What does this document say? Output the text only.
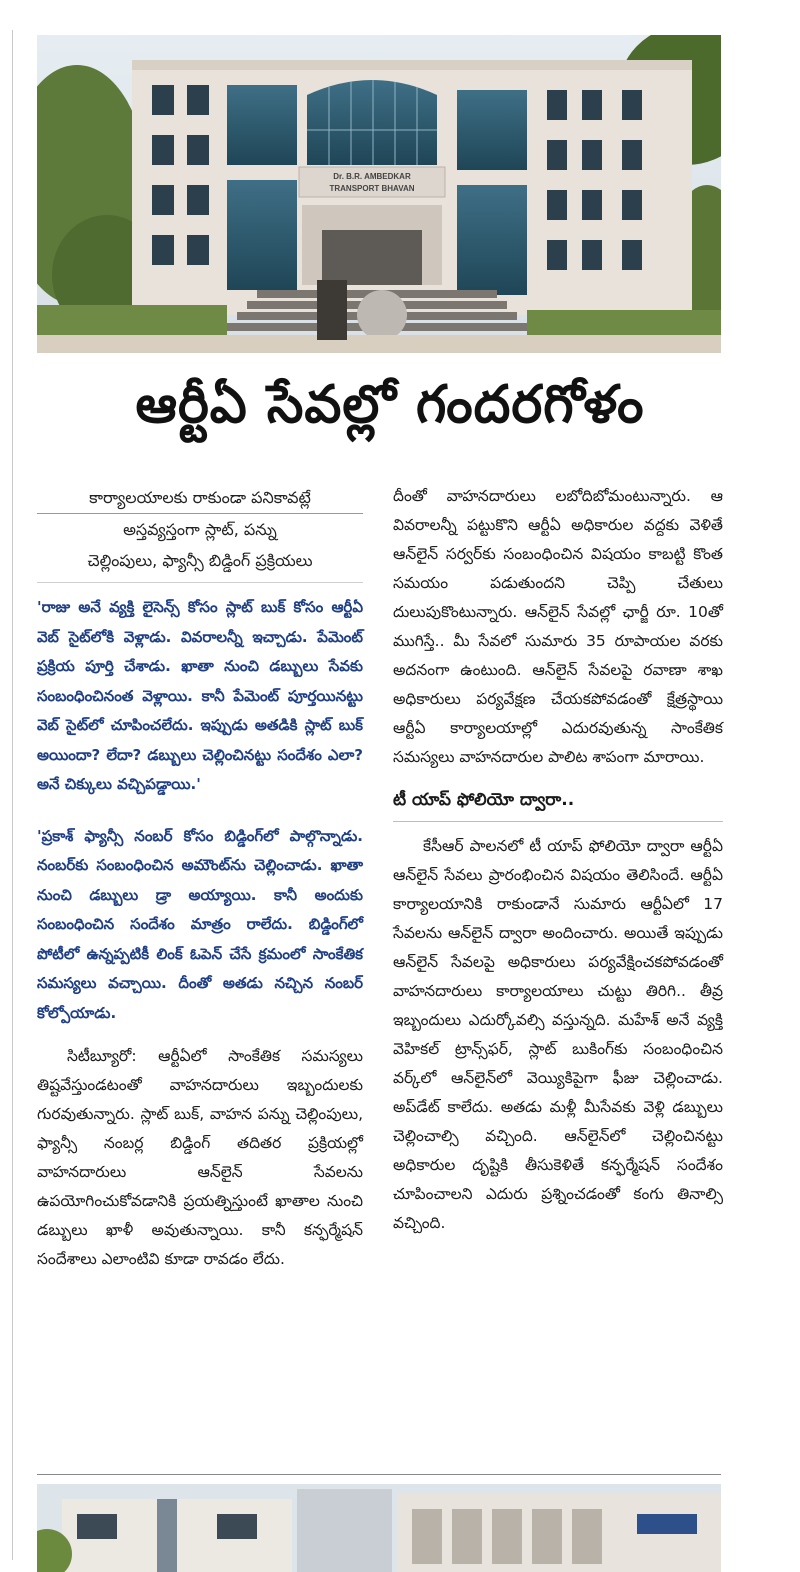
Dr. B.R. AMBEDKAR
TRANSPORT BHAVAN
ఆర్టీఏ సేవల్లో గందరగోళం
కార్యాలయాలకు రాకుండా పనికావట్లే
అస్తవ్యస్తంగా స్లాట్, పన్ను
చెల్లింపులు, ఫ్యాన్సీ బిడ్డింగ్ ప్రక్రియలు

'రాజు అనే వ్యక్తి లైసెన్స్ కోసం స్లాట్ బుక్ కోసం ఆర్టీఏ వెబ్ సైట్‌లోకి వెళ్లాడు. వివరాలన్నీ ఇచ్చాడు. పేమెంట్ ప్రక్రియ పూర్తి చేశాడు. ఖాతా నుంచి డబ్బులు సేవకు సంబంధించినంత వెళ్లాయి. కానీ పేమెంట్ పూర్తయినట్టు వెబ్ సైట్‌లో చూపించలేదు. ఇప్పుడు అతడికి స్లాట్ బుక్ అయిందా? లేదా? డబ్బులు చెల్లించినట్టు సందేశం ఎలా? అనే చిక్కులు వచ్చిపడ్డాయి.'

'ప్రకాశ్ ఫ్యాన్సీ నంబర్ కోసం బిడ్డింగ్‌లో పాల్గొన్నాడు. నంబర్‌కు సంబంధించిన అమౌంట్‌ను చెల్లించాడు. ఖాతా నుంచి డబ్బులు డ్రా అయ్యాయి. కానీ అందుకు సంబంధించిన సందేశం మాత్రం రాలేదు. బిడ్డింగ్‌లో పోటీలో ఉన్నప్పటికీ లింక్ ఓపెన్ చేసే క్రమంలో సాంకేతిక సమస్యలు వచ్చాయి. దీంతో అతడు నచ్చిన నంబర్ కోల్పోయాడు.

సిటీబ్యూరో: ఆర్టీఏలో సాంకేతిక సమస్యలు తిష్టవేస్తుండటంతో వాహనదారులు ఇబ్బందులకు గురవుతున్నారు. స్లాట్ బుక్, వాహన పన్ను చెల్లింపులు, ఫ్యాన్సీ నంబర్ల బిడ్డింగ్ తదితర ప్రక్రియల్లో వాహనదారులు ఆన్‌లైన్ సేవలను ఉపయోగించుకోవడానికి ప్రయత్నిస్తుంటే ఖాతాల నుంచి డబ్బులు ఖాళీ అవుతున్నాయి. కానీ కన్ఫర్మేషన్ సందేశాలు ఎలాంటివి కూడా రావడం లేదు.

దీంతో వాహనదారులు లబోదిబోమంటున్నారు. ఆ వివరాలన్నీ పట్టుకొని ఆర్టీఏ అధికారుల వద్దకు వెళితే ఆన్‌లైన్ సర్వర్‌కు సంబంధించిన విషయం కాబట్టి కొంత సమయం పడుతుందని చెప్పి చేతులు దులుపుకొంటున్నారు. ఆన్‌లైన్ సేవల్లో ఛార్జీ రూ. 10తో ముగిస్తే.. మీ సేవలో సుమారు 35 రూపాయల వరకు అదనంగా ఉంటుంది. ఆన్‌లైన్ సేవలపై రవాణా శాఖ అధికారులు పర్యవేక్షణ చేయకపోవడంతో క్షేత్రస్థాయి ఆర్టీఏ కార్యాలయాల్లో ఎదురవుతున్న సాంకేతిక సమస్యలు వాహనదారుల పాలిట శాపంగా మారాయి.

టీ యాప్ ఫోలియో ద్వారా..

కేసీఆర్ పాలనలో టీ యాప్ ఫోలియో ద్వారా ఆర్టీఏ ఆన్‌లైన్ సేవలు ప్రారంభించిన విషయం తెలిసిందే. ఆర్టీఏ కార్యాలయానికి రాకుండానే సుమారు ఆర్టీఏలో 17 సేవలను ఆన్‌లైన్ ద్వారా అందించారు. అయితే ఇప్పుడు ఆన్‌లైన్ సేవలపై అధికారులు పర్యవేక్షించకపోవడంతో వాహనదారులు కార్యాలయాలు చుట్టు తిరిగి.. తీవ్ర ఇబ్బందులు ఎదుర్కోవల్సి వస్తున్నది. మహేశ్ అనే వ్యక్తి వెహికల్ ట్రాన్స్‌ఫర్, స్లాట్ బుకింగ్‌కు సంబంధించిన వర్క్‌లో ఆన్‌లైన్‌లో వెయ్యికిపైగా ఫీజు చెల్లించాడు. అప్‌డేట్ కాలేదు. అతడు మళ్లీ మీసేవకు వెళ్లి డబ్బులు చెల్లించాల్సి వచ్చింది. ఆన్‌లైన్‌లో చెల్లించినట్టు అధికారుల దృష్టికి తీసుకెళితే కన్ఫర్మేషన్ సందేశం చూపించాలని ఎదురు ప్రశ్నించడంతో కంగు తినాల్సి వచ్చింది.
